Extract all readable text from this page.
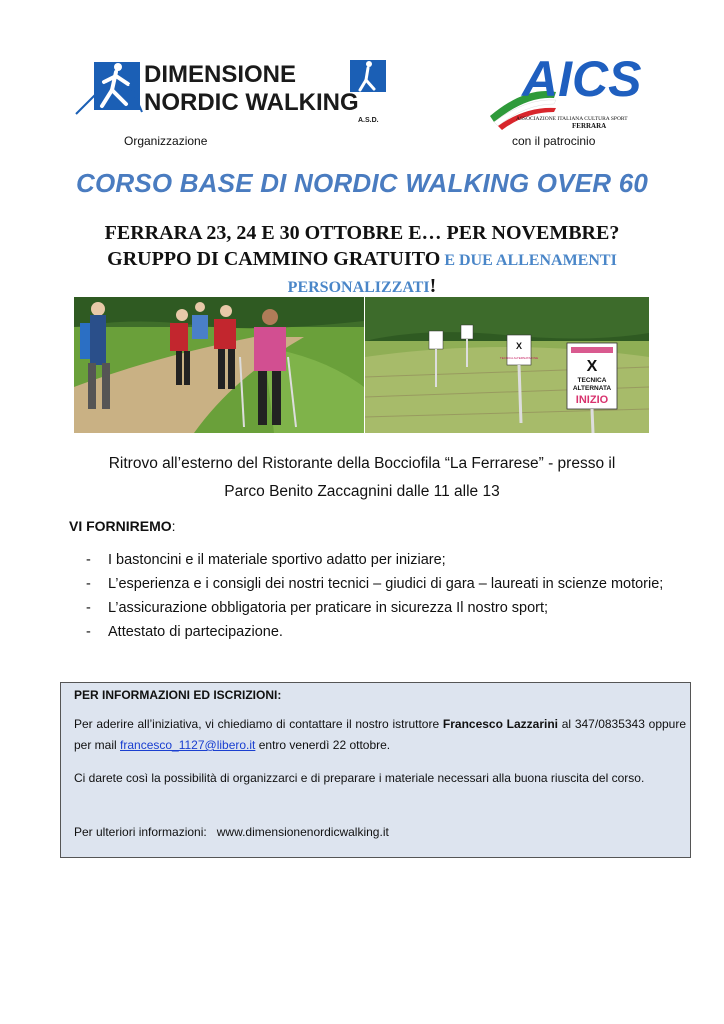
DIMENSIONE
NORDIC WALKING
A.S.D.
AICS
ASSOCIAZIONE ITALIANA CULTURA SPORT
FERRARA
Organizzazione	con il patrocinio
CORSO BASE DI NORDIC WALKING OVER 60
FERRARA 23, 24 E 30 OTTOBRE E… PER NOVEMBRE?
GRUPPO DI CAMMINO GRATUITO E DUE ALLENAMENTI
PERSONALIZZATI!
X
TECNICA ALTERNATA FINE	X
TECNICA
ALTERNATA
INIZIO
Ritrovo all’esterno del Ristorante della Bocciofila “La Ferrarese” - presso il
Parco Benito Zaccagnini dalle 11 alle 13
VI FORNIREMO:
- I bastoncini e il materiale sportivo adatto per iniziare;
- L’esperienza e i consigli dei nostri tecnici – giudici di gara – laureati in scienze motorie;
- L’assicurazione obbligatoria per praticare in sicurezza Il nostro sport;
- Attestato di partecipazione.
PER INFORMAZIONI ED ISCRIZIONI:
Per aderire all’iniziativa, vi chiediamo di contattare il nostro istruttore Francesco Lazzarini al 347/0835343 oppure per mail francesco_1127@libero.it entro venerdì 22 ottobre.
Ci darete così la possibilità di organizzarci e di preparare i materiale necessari alla buona riuscita del corso.
Per ulteriori informazioni: www.dimensionenordicwalking.it
